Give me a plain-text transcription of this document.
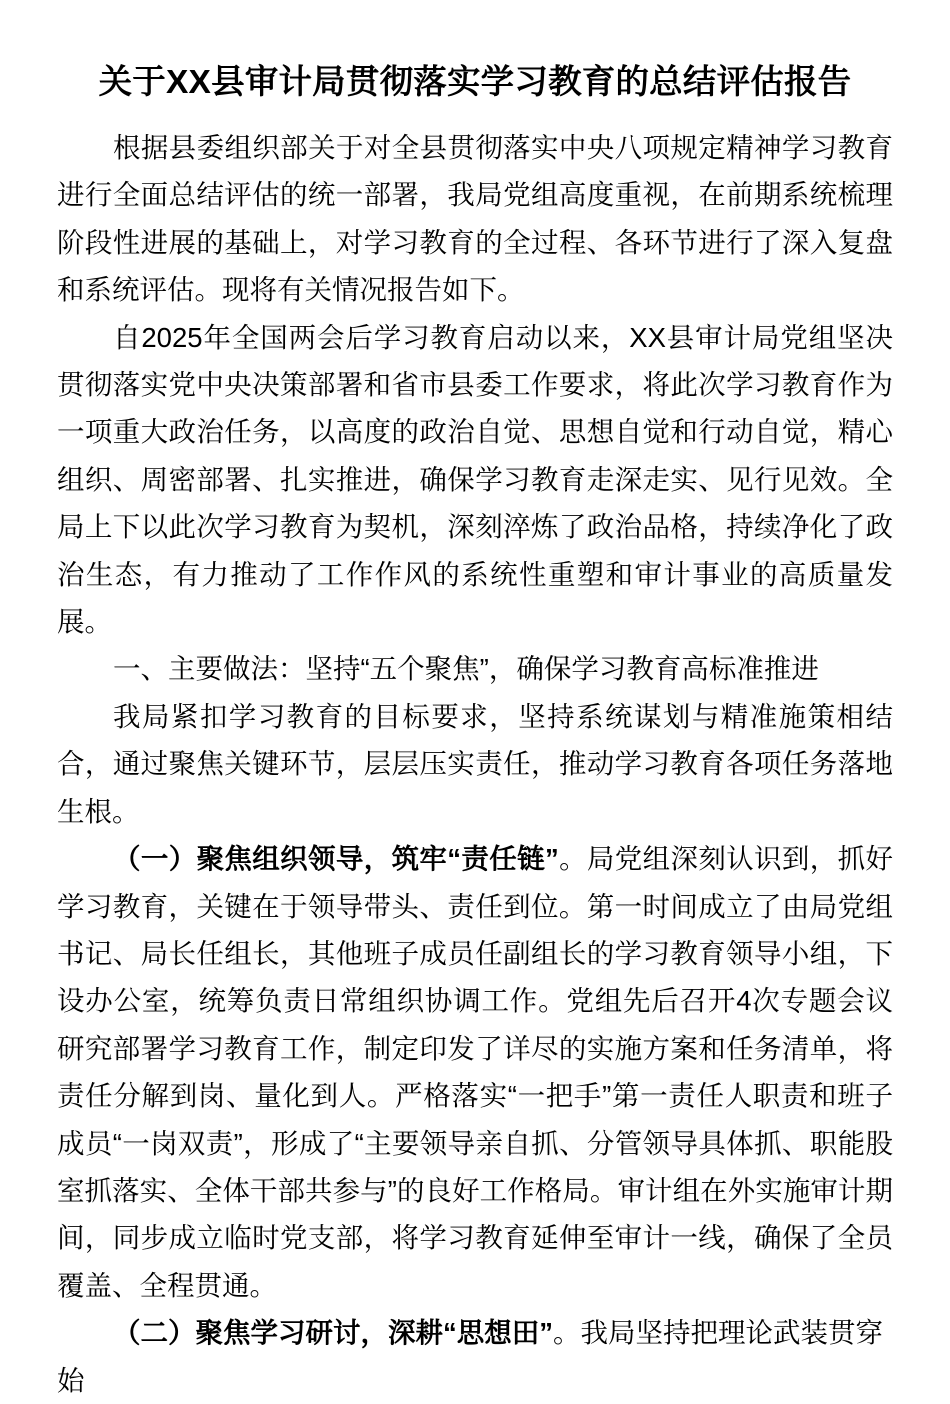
关于XX县审计局贯彻落实学习教育的总结评估报告

根据县委组织部关于对全县贯彻落实中央八项规定精神学习教育进行全面总结评估的统一部署，我局党组高度重视，在前期系统梳理阶段性进展的基础上，对学习教育的全过程、各环节进行了深入复盘和系统评估。现将有关情况报告如下。

自2025年全国两会后学习教育启动以来，XX县审计局党组坚决贯彻落实党中央决策部署和省市县委工作要求，将此次学习教育作为一项重大政治任务，以高度的政治自觉、思想自觉和行动自觉，精心组织、周密部署、扎实推进，确保学习教育走深走实、见行见效。全局上下以此次学习教育为契机，深刻淬炼了政治品格，持续净化了政治生态，有力推动了工作作风的系统性重塑和审计事业的高质量发展。

一、主要做法：坚持“五个聚焦”，确保学习教育高标准推进

我局紧扣学习教育的目标要求，坚持系统谋划与精准施策相结合，通过聚焦关键环节，层层压实责任，推动学习教育各项任务落地生根。

（一）聚焦组织领导，筑牢“责任链”。局党组深刻认识到，抓好学习教育，关键在于领导带头、责任到位。第一时间成立了由局党组书记、局长任组长，其他班子成员任副组长的学习教育领导小组，下设办公室，统筹负责日常组织协调工作。党组先后召开4次专题会议研究部署学习教育工作，制定印发了详尽的实施方案和任务清单，将责任分解到岗、量化到人。严格落实“一把手”第一责任人职责和班子成员“一岗双责”，形成了“主要领导亲自抓、分管领导具体抓、职能股室抓落实、全体干部共参与”的良好工作格局。审计组在外实施审计期间，同步成立临时党支部，将学习教育延伸至审计一线，确保了全员覆盖、全程贯通。

（二）聚焦学习研讨，深耕“思想田”。我局坚持把理论武装贯穿始
